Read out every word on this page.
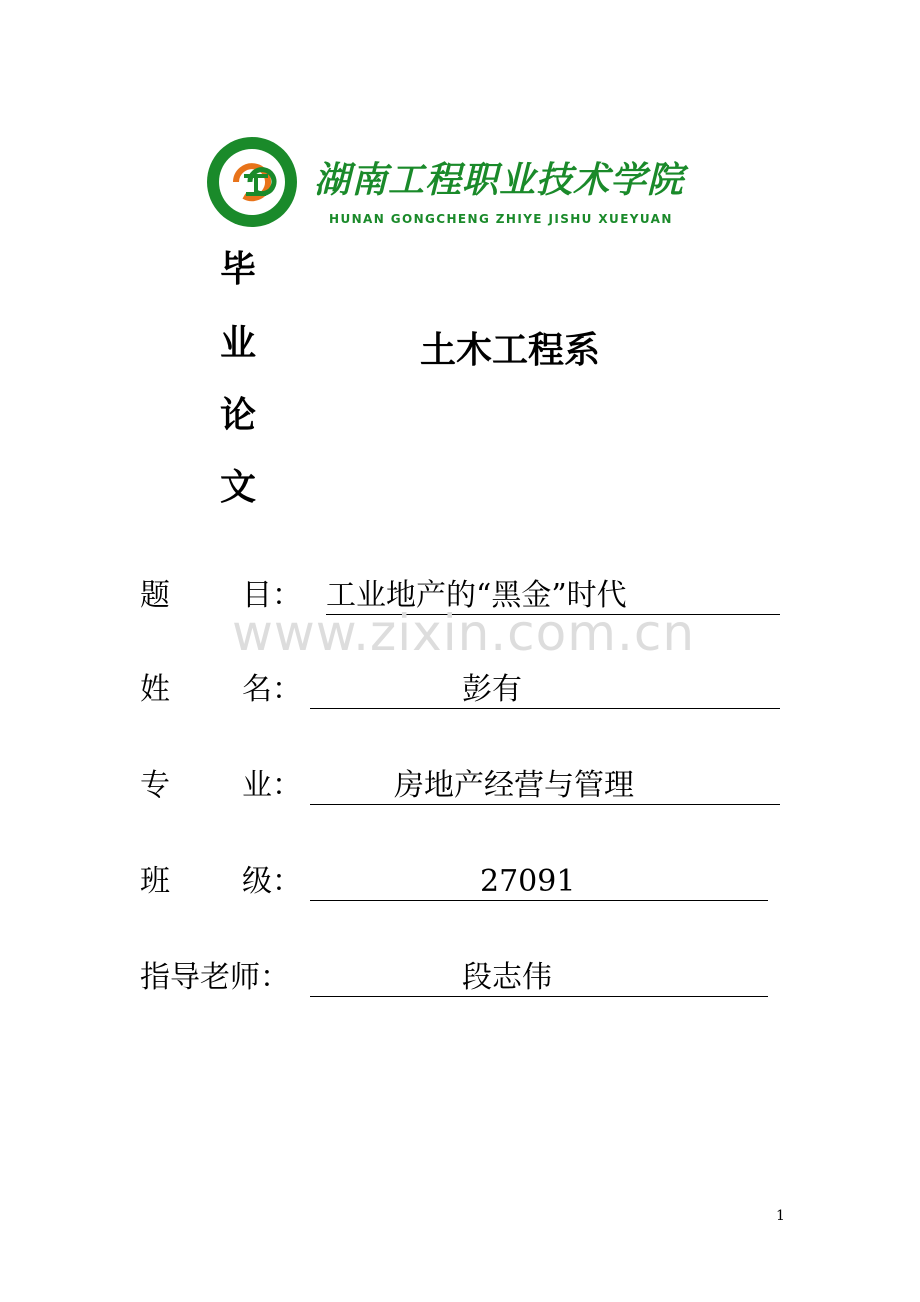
湖南工程职业技术学院
HUNAN GONGCHENG ZHIYE JISHU XUEYUAN
毕
业
论
文
土木工程系
题 目： 工业地产的“黑金”时代
www.zixin.com.cn
姓 名：	彭有
专 业：	房地产经营与管理
班 级：	27091
指导老师：	段志伟
1
